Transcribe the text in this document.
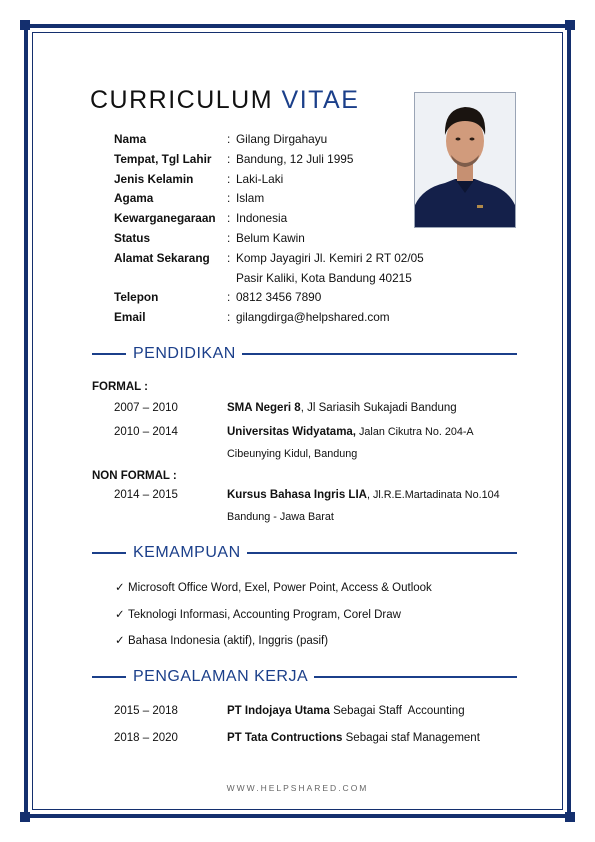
CURRICULUM VITAE
Nama	: Gilang Dirgahayu
Tempat, Tgl Lahir	: Bandung, 12 Juli 1995
Jenis Kelamin	: Laki-Laki
Agama	: Islam
Kewarganegaraan : Indonesia
Status	: Belum Kawin
Alamat Sekarang	: Komp Jayagiri Jl. Kemiri 2 RT 02/05
Pasir Kaliki, Kota Bandung 40215
Telepon	: 0812 3456 7890
Email	: gilangdirga@helpshared.com
PENDIDIKAN
FORMAL :
2007 – 2010	SMA Negeri 8, Jl Sariasih Sukajadi Bandung
2010 – 2014	Universitas Widyatama, Jalan Cikutra No. 204-A
Cibeunying Kidul, Bandung
NON FORMAL :
2014 – 2015	Kursus Bahasa Ingris LIA, Jl.R.E.Martadinata No.104
Bandung - Jawa Barat
KEMAMPUAN
✓ Microsoft Office Word, Exel, Power Point, Access & Outlook
✓ Teknologi Informasi, Accounting Program, Corel Draw
✓ Bahasa Indonesia (aktif), Inggris (pasif)
PENGALAMAN KERJA
2015 – 2018	PT Indojaya Utama Sebagai Staff  Accounting
2018 – 2020	PT Tata Contructions Sebagai staf Management
WWW.HELPSHARED.COM
